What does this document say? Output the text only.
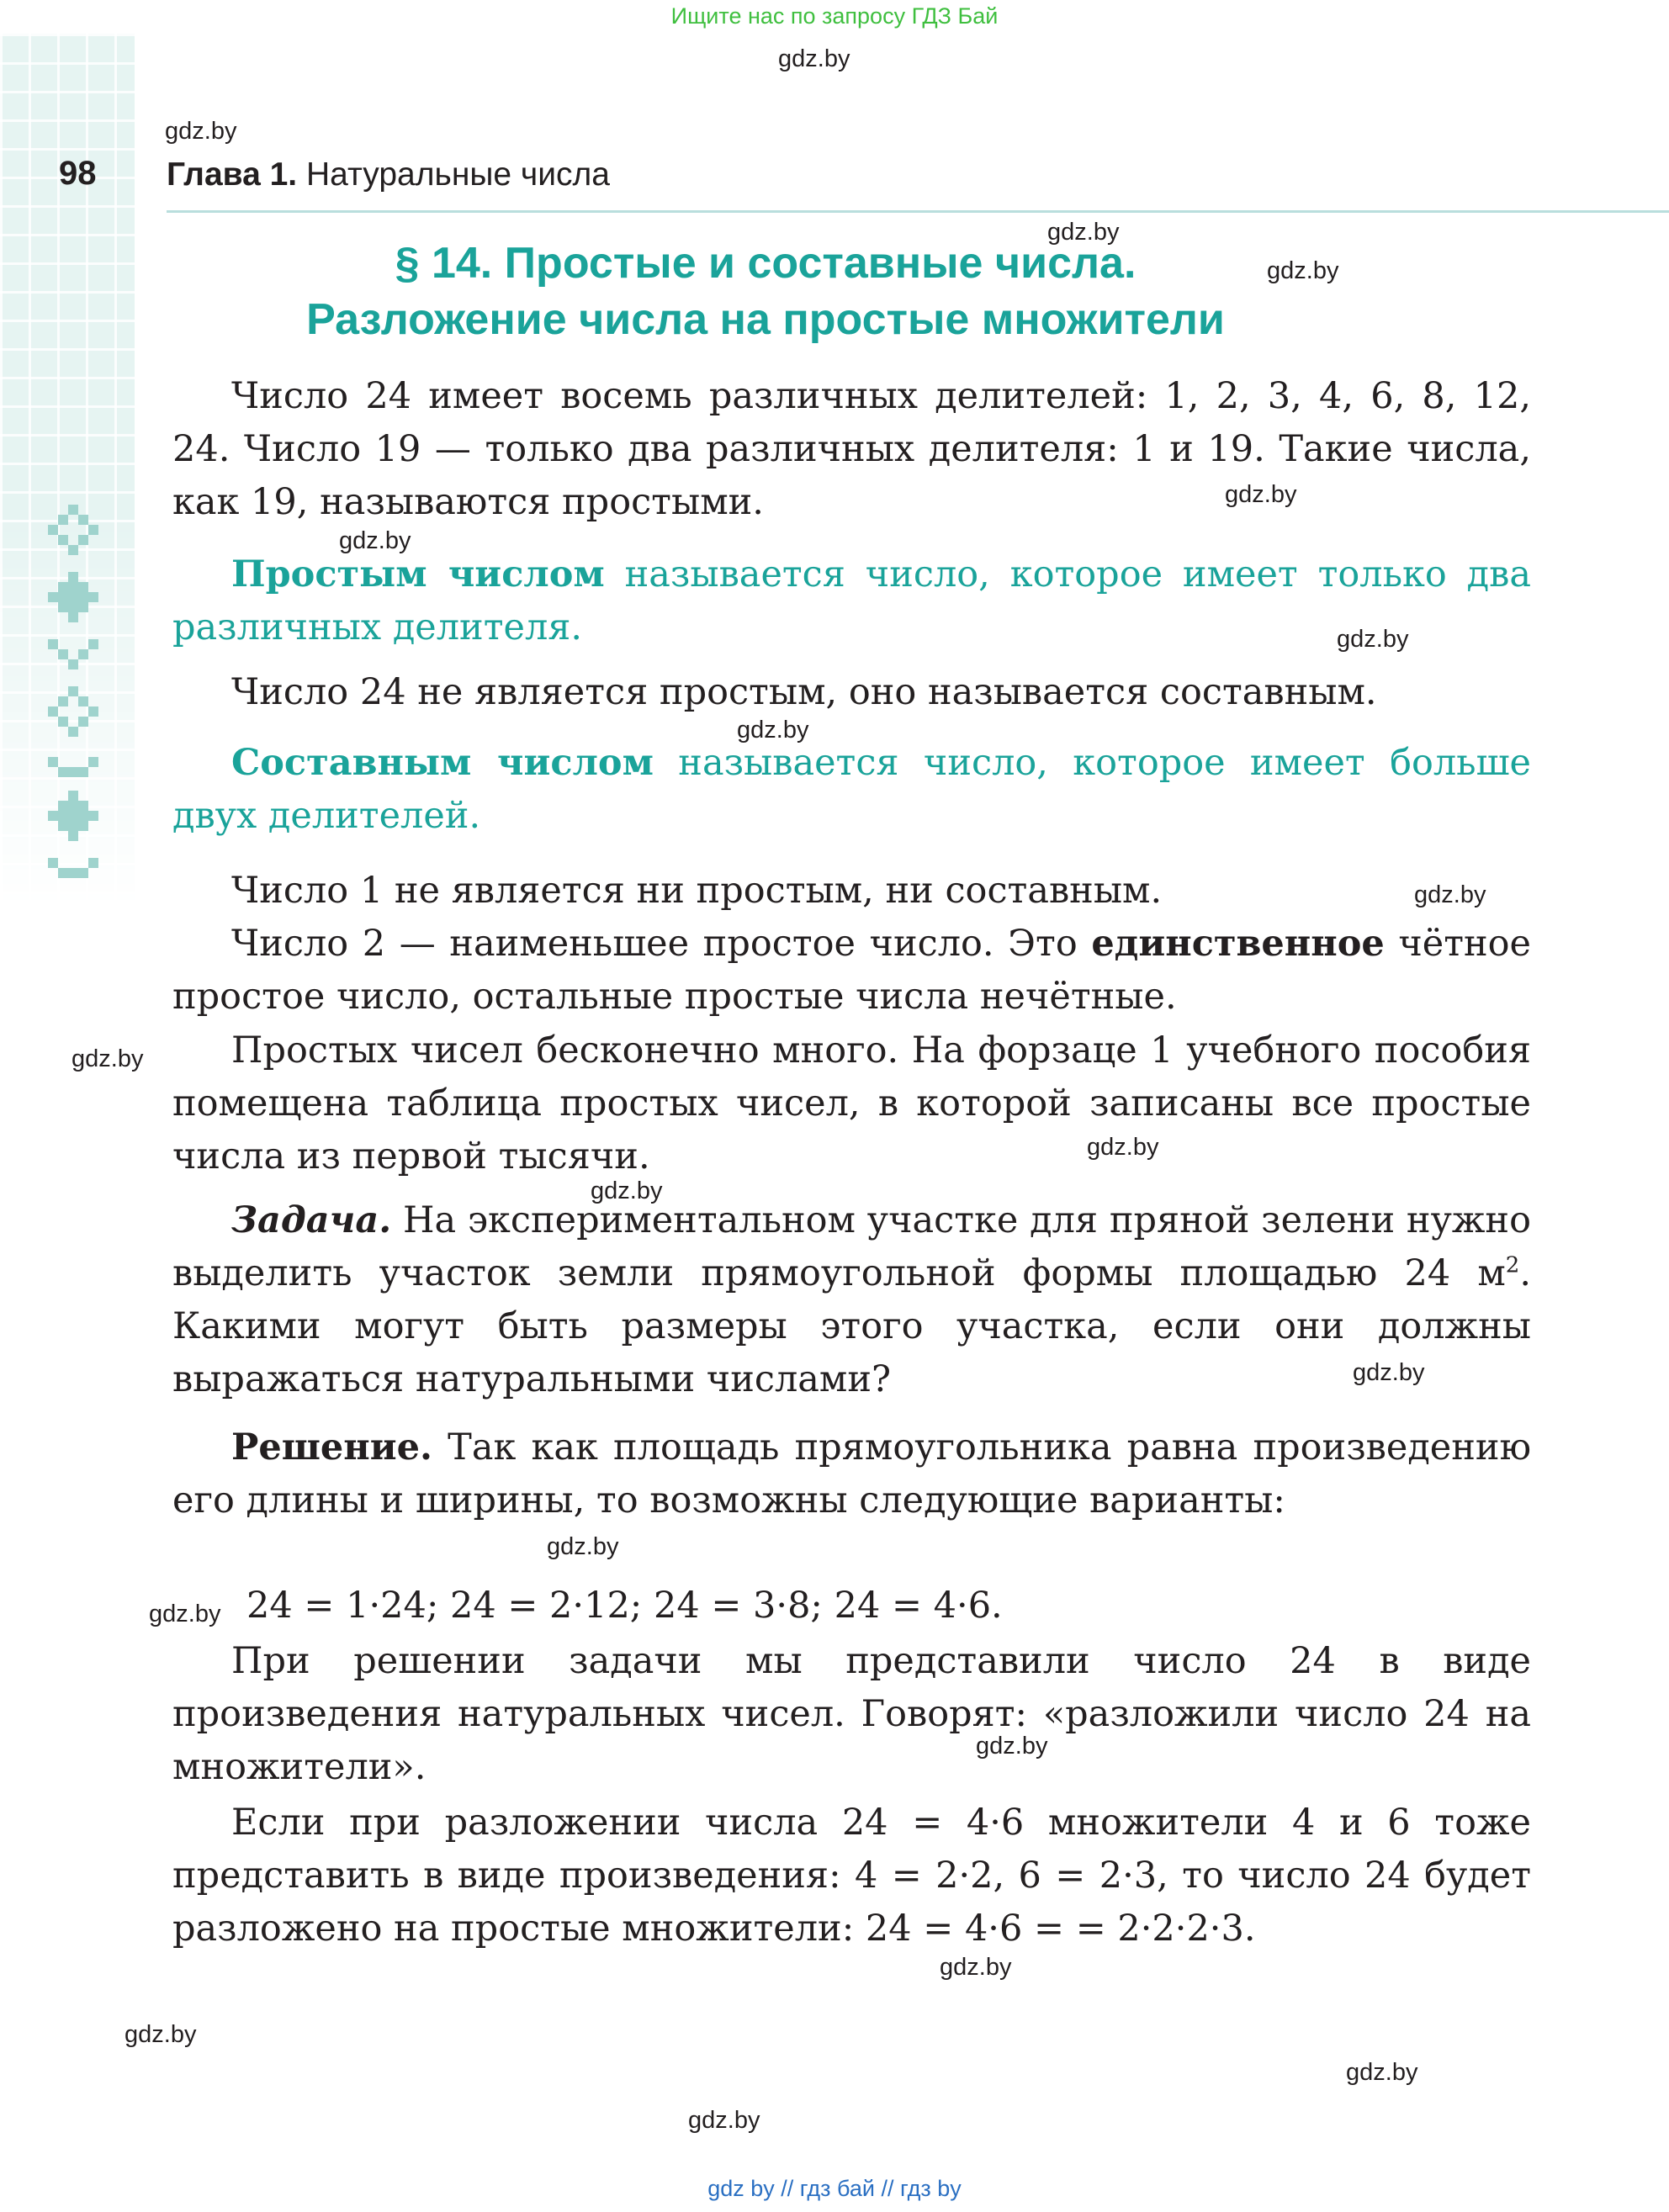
Ищите нас по запросу ГДЗ Бай
98 Глава 1. Натуральные числа
§ 14. Простые и составные числа.
Разложение числа на простые множители

Число 24 имеет восемь различных делителей: 1, 2, 3, 4, 6, 8, 12, 24. Число 19 — только два различных делителя: 1 и 19. Такие числа, как 19, называются простыми.

Простым числом называется число, которое имеет только два различных делителя.

Число 24 не является простым, оно называется составным.

Составным числом называется число, которое имеет больше двух делителей.

Число 1 не является ни простым, ни составным.

Число 2 — наименьшее простое число. Это единственное чётное простое число, остальные простые числа нечётные.

Простых чисел бесконечно много. На форзаце 1 учебного пособия помещена таблица простых чисел, в которой записаны все простые числа из первой тысячи.

Задача. На экспериментальном участке для пряной зелени нужно выделить участок земли прямоугольной формы площадью 24 $м^2$. Какими могут быть размеры этого участка, если они должны выражаться натуральными числами?

Решение. Так как площадь прямоугольника равна произведению его длины и ширины, то возможны следующие варианты:

24 = 1·24; 24 = 2·12; 24 = 3·8; 24 = 4·6.

При решении задачи мы представили число 24 в виде произведения натуральных чисел. Говорят: «разложили число 24 на множители».

Если при разложении числа 24 = 4·6 множители 4 и 6 тоже представить в виде произведения: 4 = 2·2, 6 = 2·3, то число 24 будет разложено на простые множители: 24 = 4·6 = = 2·2·2·3.

gdz.by
gdz.by
gdz.by
gdz.by
gdz.by
gdz.by
gdz.by
gdz.by
gdz.by
gdz.by
gdz.by
gdz.by
gdz.by
gdz.by
gdz.by
gdz.by
gdz.by
gdz.by
gdz.by
gdz.by
gdz by // гдз бай // гдз by
